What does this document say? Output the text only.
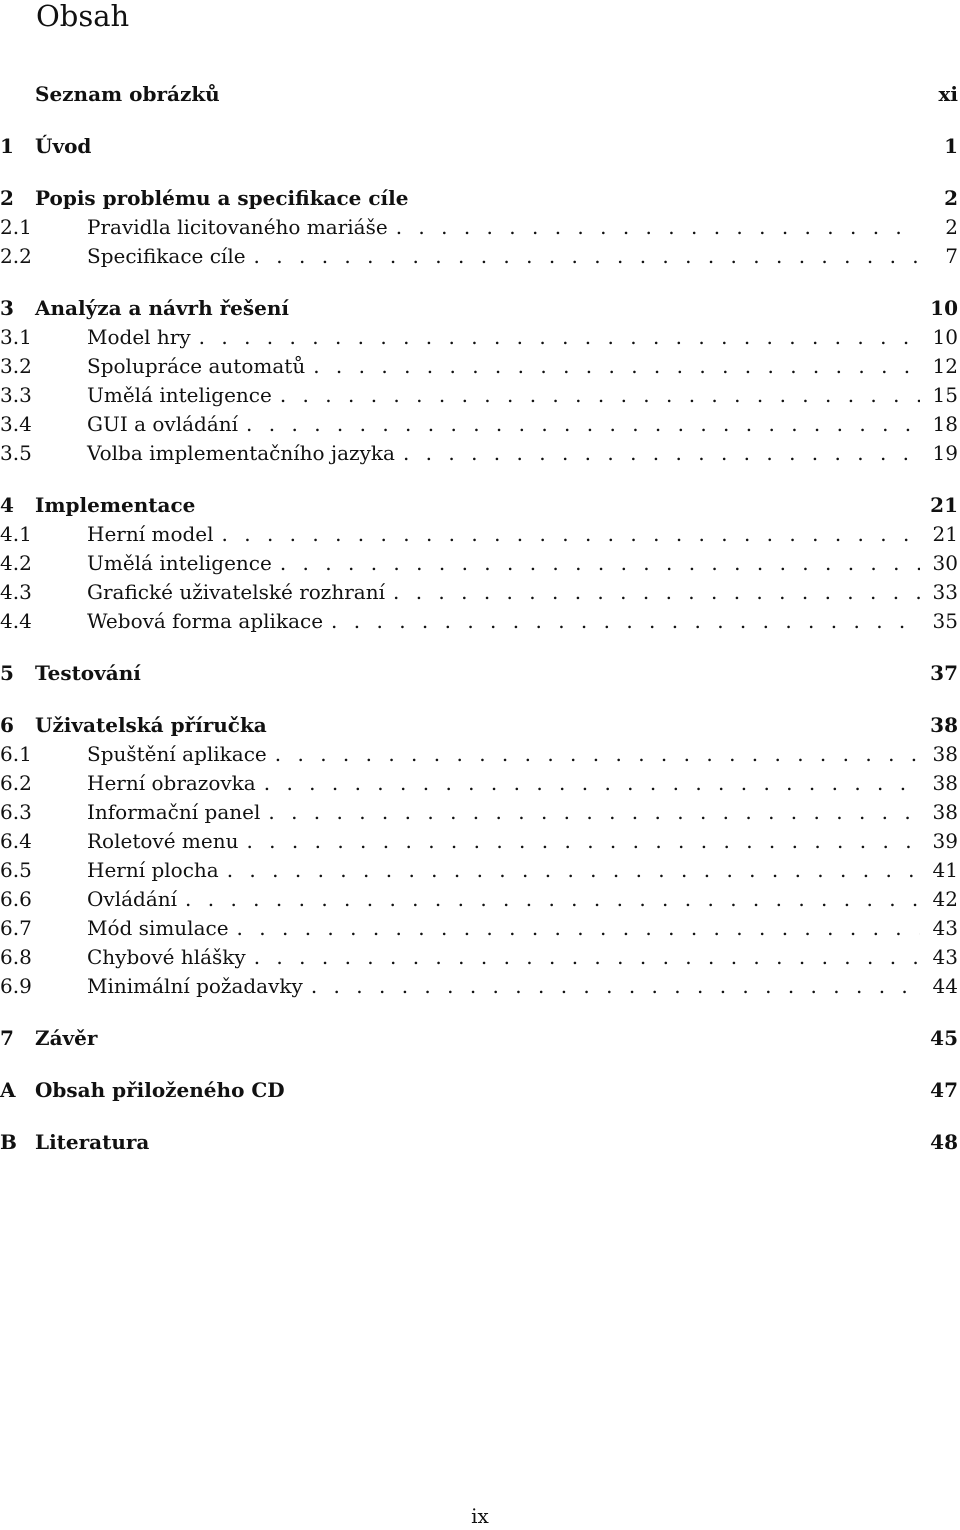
Obsah
Seznam obrázků	xi
1	Úvod	1
2	Popis problému a specifikace cíle	2
2.1	Pravidla licitovaného mariáše . . .	2
2.2	Specifikace cíle . . .	7
3	Analýza a návrh řešení	10
3.1	Model hry . . .	10
3.2	Spolupráce automatů . . .	12
3.3	Umělá inteligence . . .	15
3.4	GUI a ovládání . . .	18
3.5	Volba implementačního jazyka . . .	19
4	Implementace	21
4.1	Herní model . . .	21
4.2	Umělá inteligence . . .	30
4.3	Grafické uživatelské rozhraní . . .	33
4.4	Webová forma aplikace . . .	35
5	Testování	37
6	Uživatelská příručka	38
6.1	Spuštění aplikace . . .	38
6.2	Herní obrazovka . . .	38
6.3	Informační panel . . .	38
6.4	Roletové menu . . .	39
6.5	Herní plocha . . .	41
6.6	Ovládání . . .	42
6.7	Mód simulace . . .	43
6.8	Chybové hlášky . . .	43
6.9	Minimální požadavky . . .	44
7	Závěr	45
A Obsah přiloženého CD	47
B Literatura	48
ix
